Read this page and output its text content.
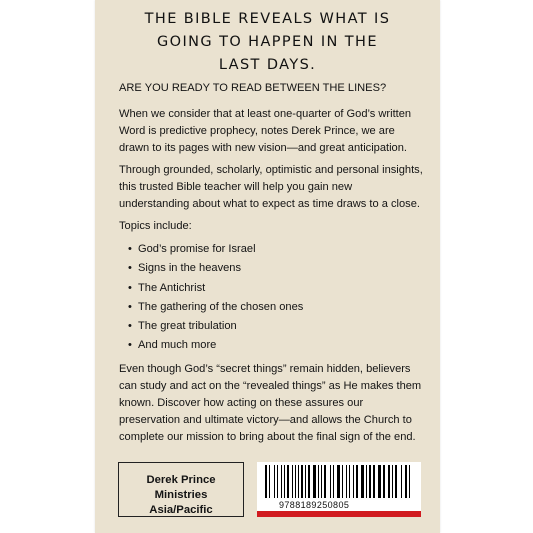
THE BIBLE REVEALS WHAT IS
GOING TO HAPPEN IN THE
LAST DAYS.

ARE YOU READY TO READ BETWEEN THE LINES?

When we consider that at least one-quarter of God’s written Word is predictive prophecy, notes Derek Prince, we are drawn to its pages with new vision—and great anticipation.

Through grounded, scholarly, optimistic and personal insights, this trusted Bible teacher will help you gain new understanding about what to expect as time draws to a close.

Topics include:

• God’s promise for Israel
• Signs in the heavens
• The Antichrist
• The gathering of the chosen ones
• The great tribulation
• And much more

Even though God’s “secret things” remain hidden, believers can study and act on the “revealed things” as He makes them known. Discover how acting on these assures our preservation and ultimate victory—and allows the Church to complete our mission to bring about the final sign of the end.

Derek Prince Ministries
Asia/Pacific	9788189250805
